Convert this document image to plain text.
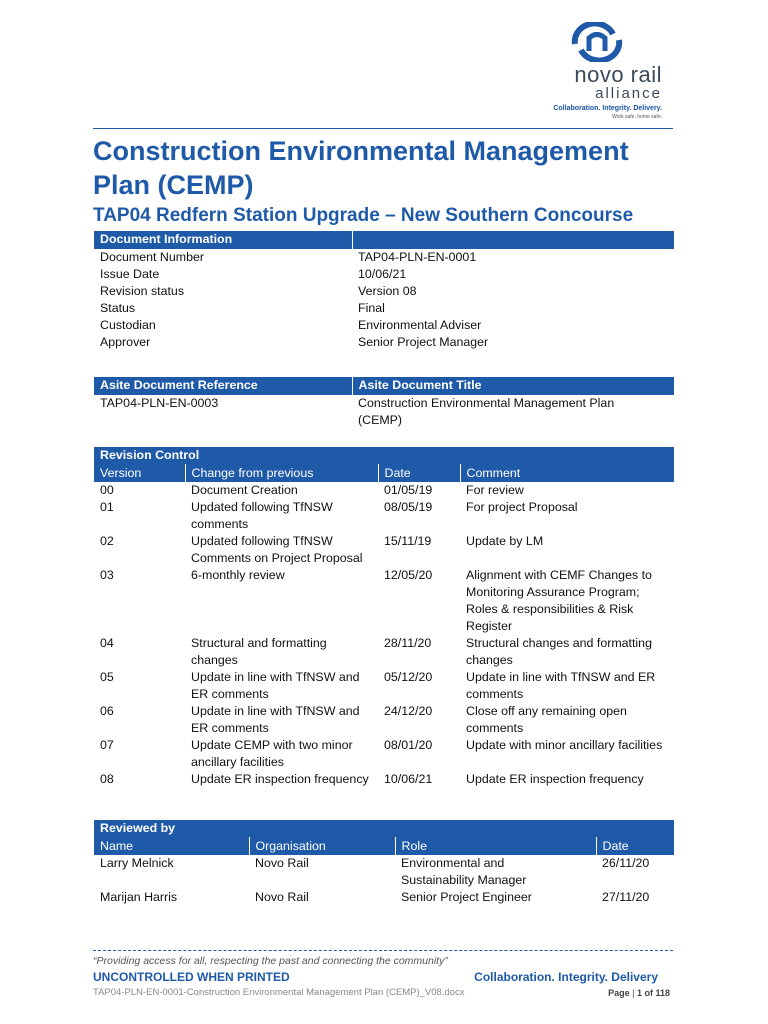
novo rail
alliance
Collaboration. Integrity. Delivery.
Work safe, home safe.
Construction Environmental Management Plan (CEMP)
TAP04 Redfern Station Upgrade – New Southern Concourse
Document Information	
Document Number	TAP04-PLN-EN-0001
Issue Date	10/06/21
Revision status	Version 08
Status	Final
Custodian	Environmental Adviser
Approver	Senior Project Manager
Asite Document Reference	Asite Document Title
TAP04-PLN-EN-0003	Construction Environmental Management Plan (CEMP)
Revision Control			
Version	Change from previous	Date	Comment
00	Document Creation	01/05/19	For review
01	Updated following TfNSW comments	08/05/19	For project Proposal
02	Updated following TfNSW Comments on Project Proposal	15/11/19	Update by LM
03	6-monthly review	12/05/20	Alignment with CEMF Changes to Monitoring Assurance Program; Roles & responsibilities & Risk Register
04	Structural and formatting changes	28/11/20	Structural changes and formatting changes
05	Update in line with TfNSW and ER comments	05/12/20	Update in line with TfNSW and ER comments
06	Update in line with TfNSW and ER comments	24/12/20	Close off any remaining open comments
07	Update CEMP with two minor ancillary facilities	08/01/20	Update with minor ancillary facilities
08	Update ER inspection frequency	10/06/21	Update ER inspection frequency
Reviewed by			
Name	Organisation	Role	Date
Larry Melnick	Novo Rail	Environmental and Sustainability Manager	26/11/20
Marijan Harris	Novo Rail	Senior Project Engineer	27/11/20
“Providing access for all, respecting the past and connecting the community”
UNCONTROLLED WHEN PRINTED	Collaboration. Integrity. Delivery
TAP04-PLN-EN-0001-Construction Environmental Management Plan (CEMP)_V08.docx	Page | 1 of 118
